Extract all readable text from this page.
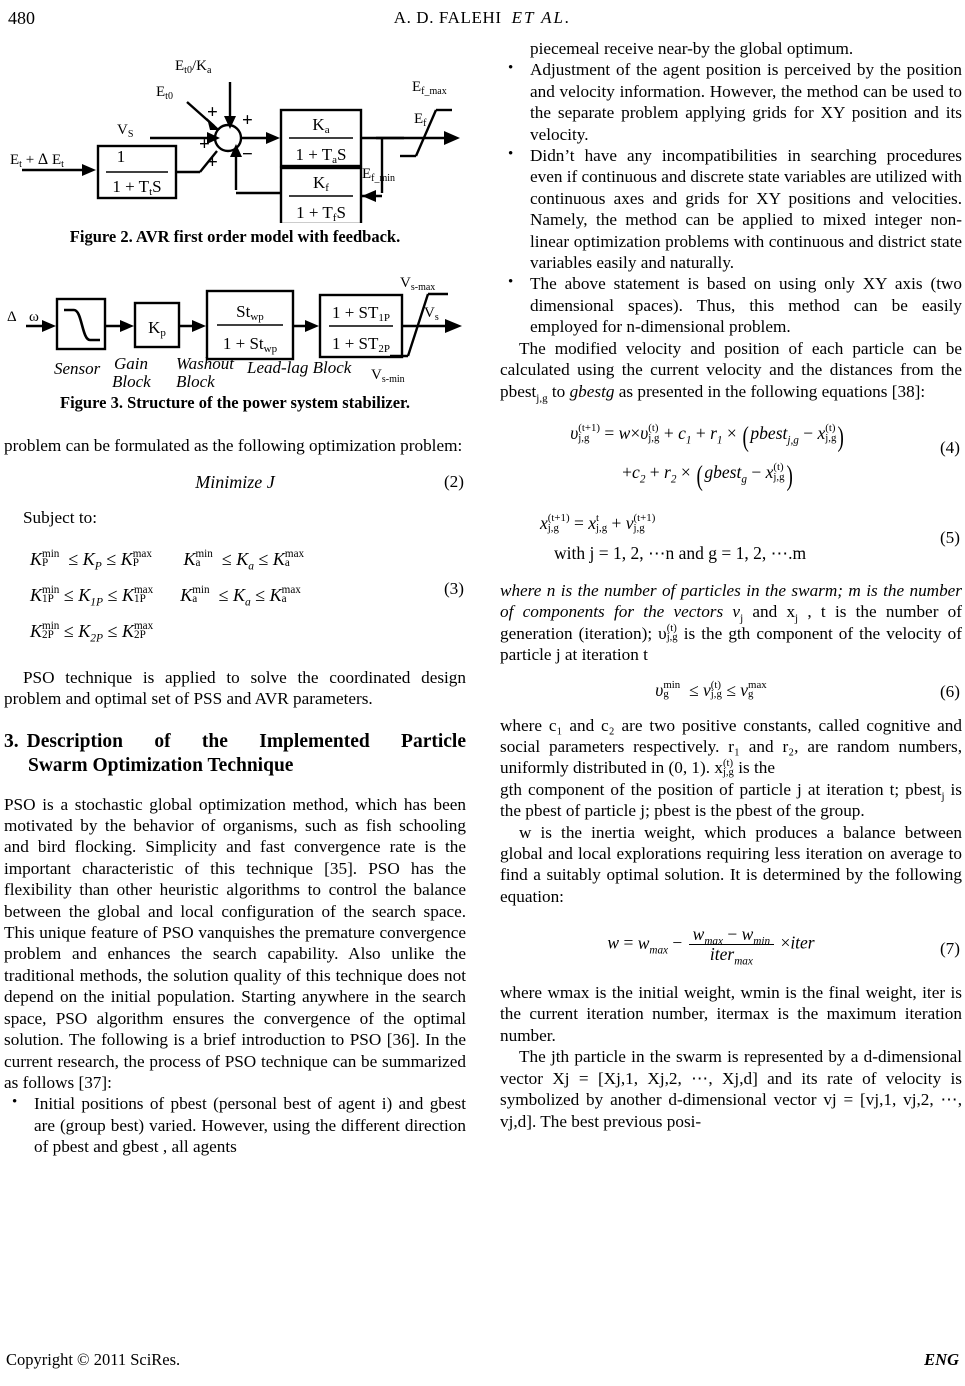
480	A. D. FALEHI ET AL.
$E_{t0}/K_a$
$E_{t0}$
$V_S$
$E_t + \Delta$ $E_t$	1
1 + TtS
Ka
1 + TaS
Kf
1 + TfS
$E_{f\_max}$
$E_f$
$E_{f\_min}$
+ +
+
+ −
Figure 2. AVR first order model with feedback.
Δ ω
Sensor
Kp
Gain
Block
Stwp
1 + Stwp
Washout
Block
1 + ST1P
1 + ST2P
Lead-lag Block
$V_{s-max}$
$V_s$
$V_{s-min}$
Figure 3. Structure of the power system stabilizer.

problem can be formulated as the following optimization problem:

Minimize J	(2)

Subject to:

K min
$P \le K_P \le K$ max
P	K min
$a \le K_a \le K$ max
a
K min
$1P \le K_{1P} \le K$ max
1P	K min
$a \le K_a \le K$ max
a
K min
$2P \le K_{2P} \le K$ max
2P
(3)

PSO technique is applied to solve the coordinated design problem and optimal set of PSS and AVR parameters.

3. Description of the Implemented Particle
Swarm Optimization Technique

PSO is a stochastic global optimization method, which has been motivated by the behavior of organisms, such as fish schooling and bird flocking. Simplicity and fast convergence rate is the important characteristic of this technique [35]. PSO has the flexibility than other heuristic algorithms to control the balance between the global and local configuration of the search space. This unique feature of PSO vanquishes the premature convergence problem and enhances the search capability. Also unlike the traditional methods, the solution quality of this technique does not depend on the initial population. Starting anywhere in the search space, PSO algorithm ensures the convergence of the optimal solution. The following is a brief introduction to PSO [36]. In the current research, the process of PSO technique can be summarized as follows [37]:

• Initial positions of pbest (personal best of agent i) and gbest are (group best) varied. However, using the different direction of pbest and gbest , all agents

piecemeal receive near-by the global optimum.

• Adjustment of the agent position is perceived by the position and velocity information. However, the method can be used to the separate problem applying grids for XY position and its velocity.
• Didn’t have any incompatibilities in searching procedures even if continuous and discrete state variables are utilized with continuous axes and grids for XY positions and velocities. Namely, the method can be applied to mixed integer non-linear optimization problems with continuous and district state variables easily and naturally.
• The above statement is based on using only XY axis (two dimensional spaces). Thus, this method can be easily employed for n-dimensional problem.

The modified velocity and position of each particle can be calculated using the current velocity and the distances from the pbest$_{j,g}$ to gbestg as presented in the following equations [38]:

υ (t+1)
j,g = w×υ (t)
$j,g + c_1 + r_1$ × (pbest$_{j,g}$ − x (t)
j,g )
$+c_2 + r_2$ × (gbest$_g$ − x (t)
j,g )
(4)
x (t+1)
j,g = x t
j,g + v (t+1)
j,g
with j = 1, 2, ⋯n and g = 1, 2, ⋯.m
(5)

where n is the number of particles in the swarm; m is the number of components for the vectors $v_j$ and $x_j$ , t is the number of generation (iteration); υ (t)
j,g is the gth component of the velocity of particle j at iteration t

υ min
g ≤ v (t)
j,g ≤ v max
g	(6)

where c₁ and c₂ are two positive constants, called cognitive and social parameters respectively. r₁ and r₂, are random numbers, uniformly distributed in (0, 1). x (t)
j,g is the

gth component of the position of particle j at iteration t; pbest$_j$ is the pbest of particle j; pbest is the pbest of the group.

w is the inertia weight, which produces a balance between global and local explorations requiring less iteration on average to find a suitably optimal solution. It is determined by the following equation:

$w = w_{max} - \frac{w_{max} - w_{min}}{iter_{max}}$ ×iter	(7)

where wmax is the initial weight, wmin is the final weight, iter is the current iteration number, itermax is the maximum iteration number.

The jth particle in the swarm is represented by a d-dimensional vector Xj = [Xj,1, Xj,2, ⋯, Xj,d] and its rate of velocity is symbolized by another d-dimensional vector vj = [vj,1, vj,2, ⋯, vj,d]. The best previous posi-

Copyright © 2011 SciRes.	ENG
